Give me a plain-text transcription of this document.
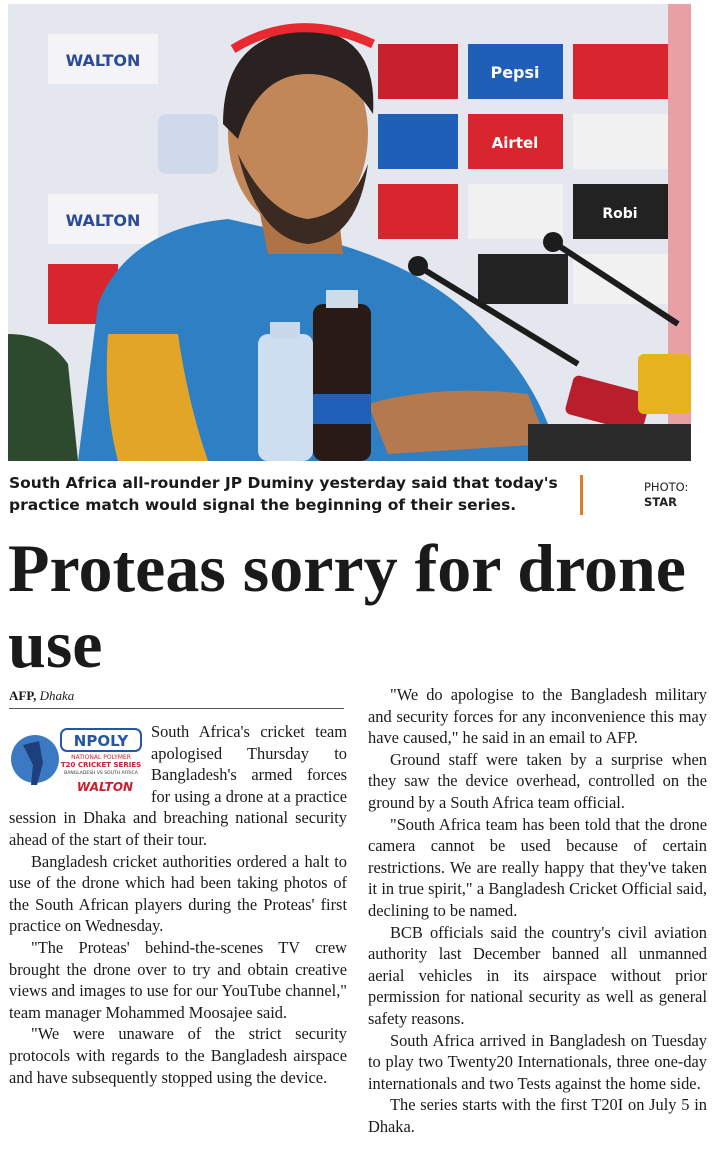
WALTON
WALTON
Pepsi
Airtel
Robi
South Africa all-rounder JP Duminy yesterday said that today's practice match would signal the beginning of their series.
PHOTO:
STAR
Proteas sorry for drone use
AFP, Dhaka
NPOLY
NATIONAL POLYMER
T20 CRICKET SERIES
BANGLADESH VS SOUTH AFRICA
WALTON

South Africa's cricket team apologised Thursday to Bangladesh's armed forces for using a drone at a practice session in Dhaka and breaching national security ahead of the start of their tour.

Bangladesh cricket authorities ordered a halt to use of the drone which had been taking photos of the South African players during the Proteas' first practice on Wednesday.

"The Proteas' behind-the-scenes TV crew brought the drone over to try and obtain creative views and images to use for our YouTube channel," team manager Mohammed Moosajee said.

"We were unaware of the strict security protocols with regards to the Bangladesh airspace and have subsequently stopped using the device.

"We do apologise to the Bangladesh military and security forces for any inconvenience this may have caused," he said in an email to AFP.

Ground staff were taken by a surprise when they saw the device overhead, controlled on the ground by a South Africa team official.

"South Africa team has been told that the drone camera cannot be used because of certain restrictions. We are really happy that they've taken it in true spirit," a Bangladesh Cricket Official said, declining to be named.

BCB officials said the country's civil aviation authority last December banned all unmanned aerial vehicles in its airspace without prior permission for national security as well as general safety reasons.

South Africa arrived in Bangladesh on Tuesday to play two Twenty20 Internationals, three one-day internationals and two Tests against the home side.

The series starts with the first T20I on July 5 in Dhaka.
